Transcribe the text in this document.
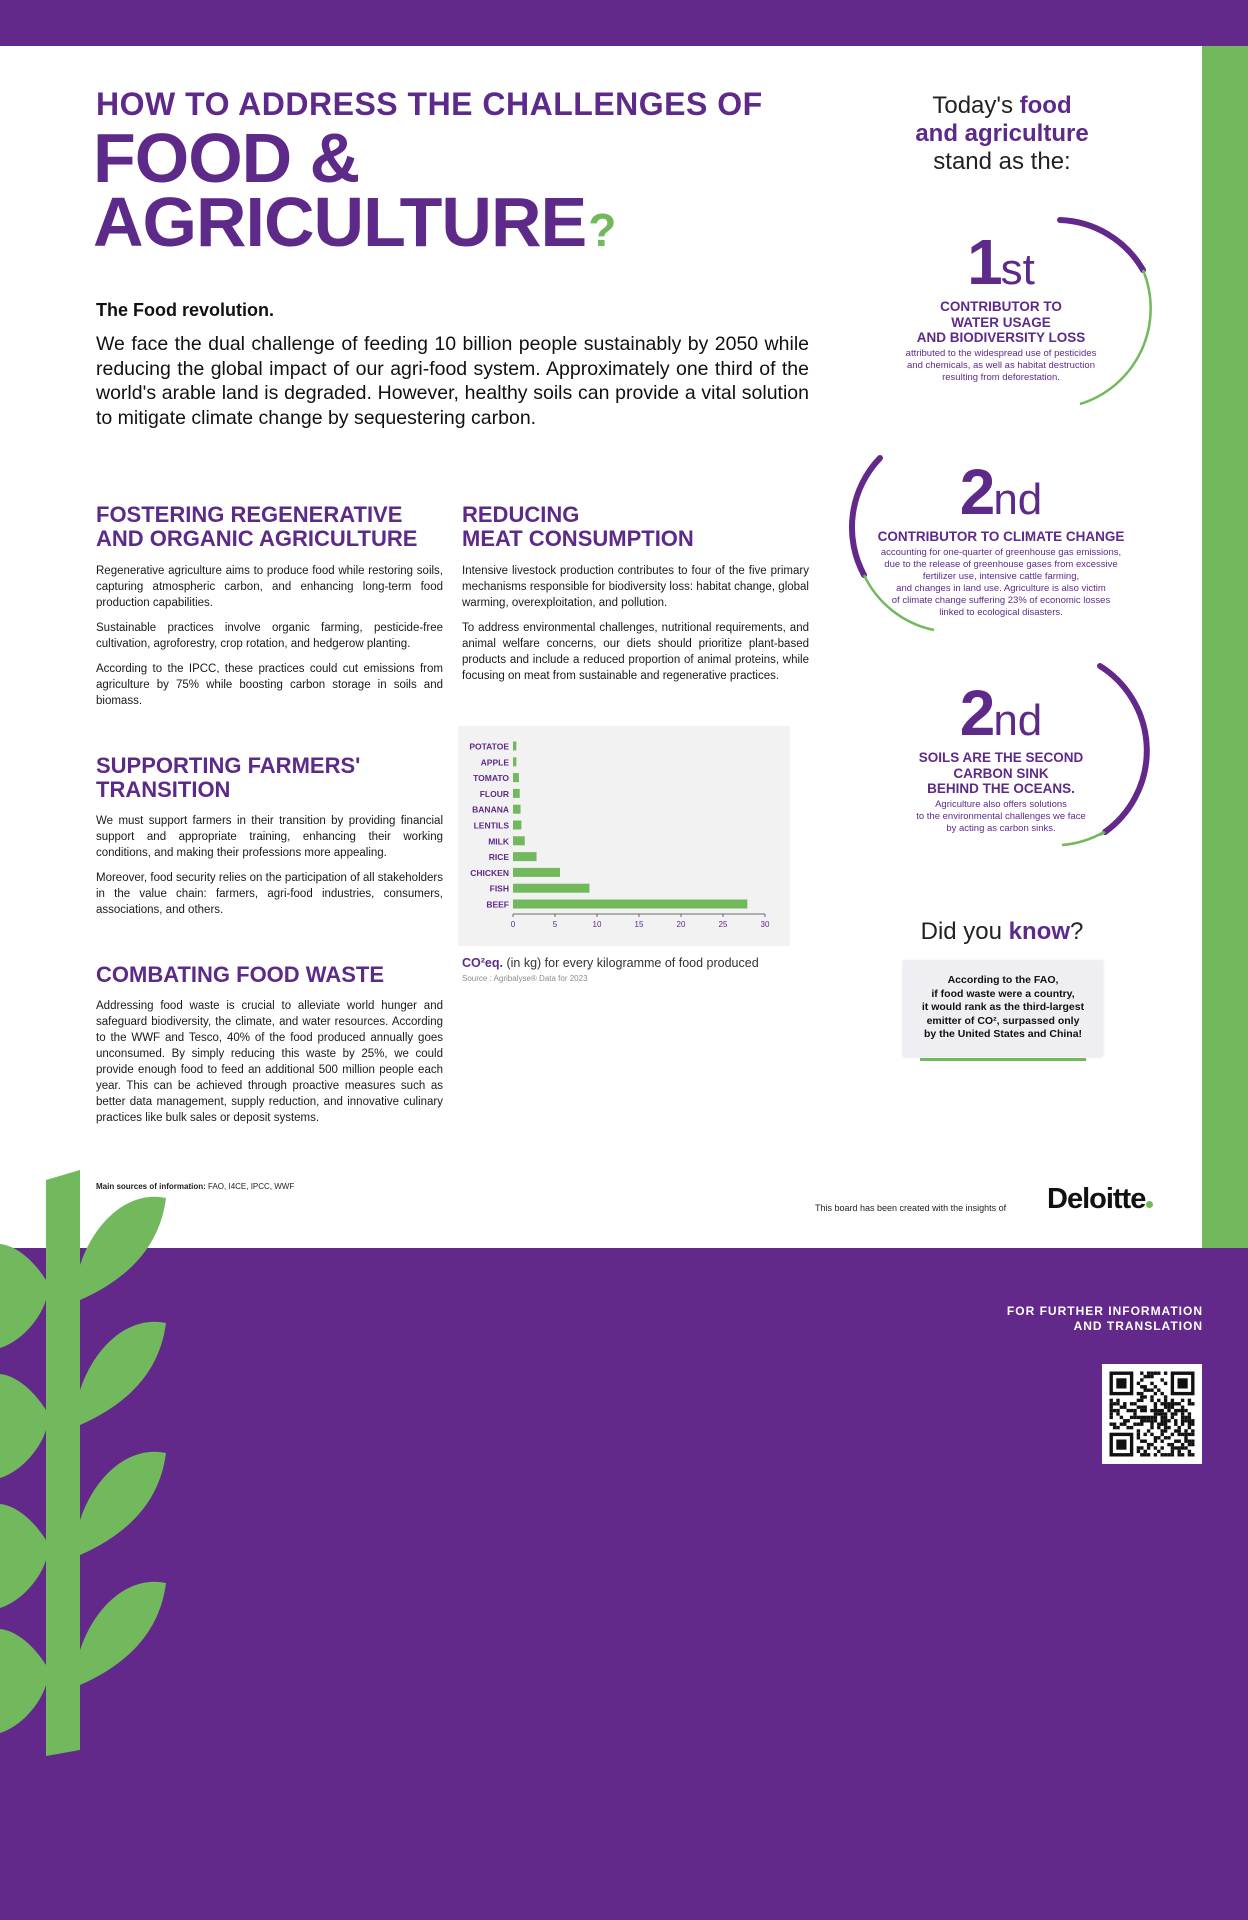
HOW TO ADDRESS THE CHALLENGES OF
FOOD &
AGRICULTURE ?
The Food revolution.

We face the dual challenge of feeding 10 billion people sustainably by 2050 while reducing the global impact of our agri-food system. Approximately one third of the world's arable land is degraded. However, healthy soils can provide a vital solution to mitigate climate change by sequestering carbon.

FOSTERING REGENERATIVE
AND ORGANIC AGRICULTURE

Regenerative agriculture aims to produce food while restoring soils, capturing atmospheric carbon, and enhancing long-term food production capabilities.

Sustainable practices involve organic farming, pesticide-free cultivation, agroforestry, crop rotation, and hedgerow planting.

According to the IPCC, these practices could cut emissions from agriculture by 75% while boosting carbon storage in soils and biomass.

SUPPORTING FARMERS'
TRANSITION

We must support farmers in their transition by providing financial support and appropriate training, enhancing their working conditions, and making their professions more appealing.

Moreover, food security relies on the participation of all stakeholders in the value chain: farmers, agri-food industries, consumers, associations, and others.

COMBATING FOOD WASTE

Addressing food waste is crucial to alleviate world hunger and safeguard biodiversity, the climate, and water resources. According to the WWF and Tesco, 40% of the food produced annually goes unconsumed. By simply reducing this waste by 25%, we could provide enough food to feed an additional 500 million people each year. This can be achieved through proactive measures such as better data management, supply reduction, and innovative culinary practices like bulk sales or deposit systems.

REDUCING
MEAT CONSUMPTION

Intensive livestock production contributes to four of the five primary mechanisms responsible for biodiversity loss: habitat change, global warming, overexploitation, and pollution.

To address environmental challenges, nutritional requirements, and animal welfare concerns, our diets should prioritize plant-based products and include a reduced proportion of animal proteins, while focusing on meat from sustainable and regenerative practices.

POTATOE
APPLE
TOMATO
FLOUR
BANANA
LENTILS
MILK
RICE
CHICKEN
FISH
BEEF
0	5	10	15	20	25	30
CO²eq. (in kg) for every kilogramme of food produced
Source : Agribalyse® Data for 2023
Main sources of information: FAO, I4CE, IPCC, WWF
Today's food
and agriculture
stand as the:
1st
CONTRIBUTOR TO
WATER USAGE
AND BIODIVERSITY LOSS
attributed to the widespread use of pesticides
and chemicals, as well as habitat destruction
resulting from deforestation.
2nd
CONTRIBUTOR TO CLIMATE CHANGE
accounting for one-quarter of greenhouse gas emissions,
due to the release of greenhouse gases from excessive
fertilizer use, intensive cattle farming,
and changes in land use. Agriculture is also victim
of climate change suffering 23% of economic losses
linked to ecological disasters.
2nd
SOILS ARE THE SECOND
CARBON SINK
BEHIND THE OCEANS.
Agriculture also offers solutions
to the environmental challenges we face
by acting as carbon sinks.
Did you know?
According to the FAO,
if food waste were a country,
it would rank as the third-largest
emitter of CO², surpassed only
by the United States and China!
This board has been created with the insights of Deloitte
FOR FURTHER INFORMATION
AND TRANSLATION
